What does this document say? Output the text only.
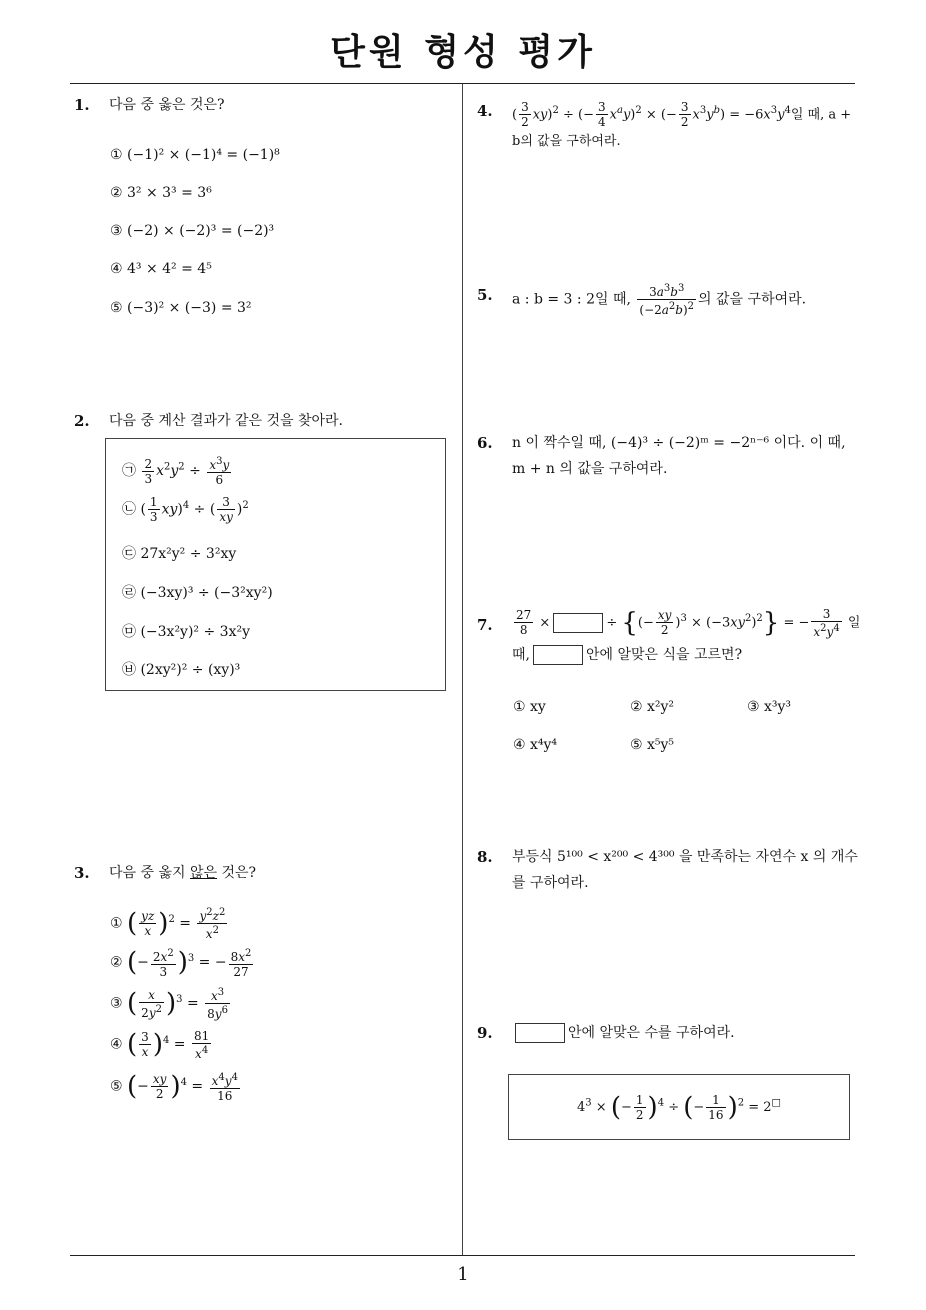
단원 형성 평가
1
1. 다음 중 옳은 것은?
① (−1)² × (−1)⁴ = (−1)⁸
② 3² × 3³ = 3⁶
③ (−2) × (−2)³ = (−2)³
④ 4³ × 4² = 4⁵
⑤ (−3)² × (−3) = 3²
2. 다음 중 계산 결과가 같은 것을 찾아라.
㉠ $\frac{2}{3} x^2y^2 \div \frac{x^3y}{6}$
㉡ ( $\frac{1}{3} xy)^4$ ÷ ( $\frac{3}{xy} )^2$
㉢ 27x²y² ÷ 3²xy
㉣ (−3xy)³ ÷ (−3²xy²)
㉤ (−3x²y)² ÷ 3x²y
㉥ (2xy²)² ÷ (xy)³
3. 다음 중 옳지 않은 것은?
① ( $\frac{yz}{x} )^2 = \frac{y^2z^2}{x^2}$
② (− $\frac{2x^2}{3} )^3$ = − $\frac{8x^2}{27}$
③ ( $\frac{x}{2y^2} )^3 = \frac{x^3}{8y^6}$
④ ( $\frac{3}{x} )^4 = \frac{81}{x^4}$
⑤ (− $\frac{xy}{2} )^4 = \frac{x^4y^4}{16}$
4. ( $\frac{3}{2} xy)^2$ ÷ (− $\frac{3}{4} x^ay)^2$ × (− $\frac{3}{2} x^3y^b) = -6x^3y^4$일 때, a + b의 값을 구하여라.
5. a : b = 3 : 2일 때, $\frac{3a^3b^3}{(-2a^2b)^2}$ 의 값을 구하여라.
6. n 이 짝수일 때, (−4)³ ÷ (−2)ᵐ = −2ⁿ⁻⁶ 이다. 이 때, m + n 의 값을 구하여라.
7. $\frac{27}{8}$ ×	÷ {(− $\frac{xy}{2} )^3 \times (-3xy^2)^2$} = − $\frac{3}{x^2y^4}$ 일
때,	안에 알맞은 식을 고르면?
① xy	② x²y²	③ x³y³
④ x⁴y⁴	⑤ x⁵y⁵
8. 부등식 5¹⁰⁰ < x²⁰⁰ < 4³⁰⁰ 을 만족하는 자연수 x 의 개수를 구하여라.
9.	안에 알맞은 수를 구하여라.
$4^3$ × (− $\frac{1}{2} )^4$ ÷ (− $\frac{1}{16} )^2 = 2^□$
